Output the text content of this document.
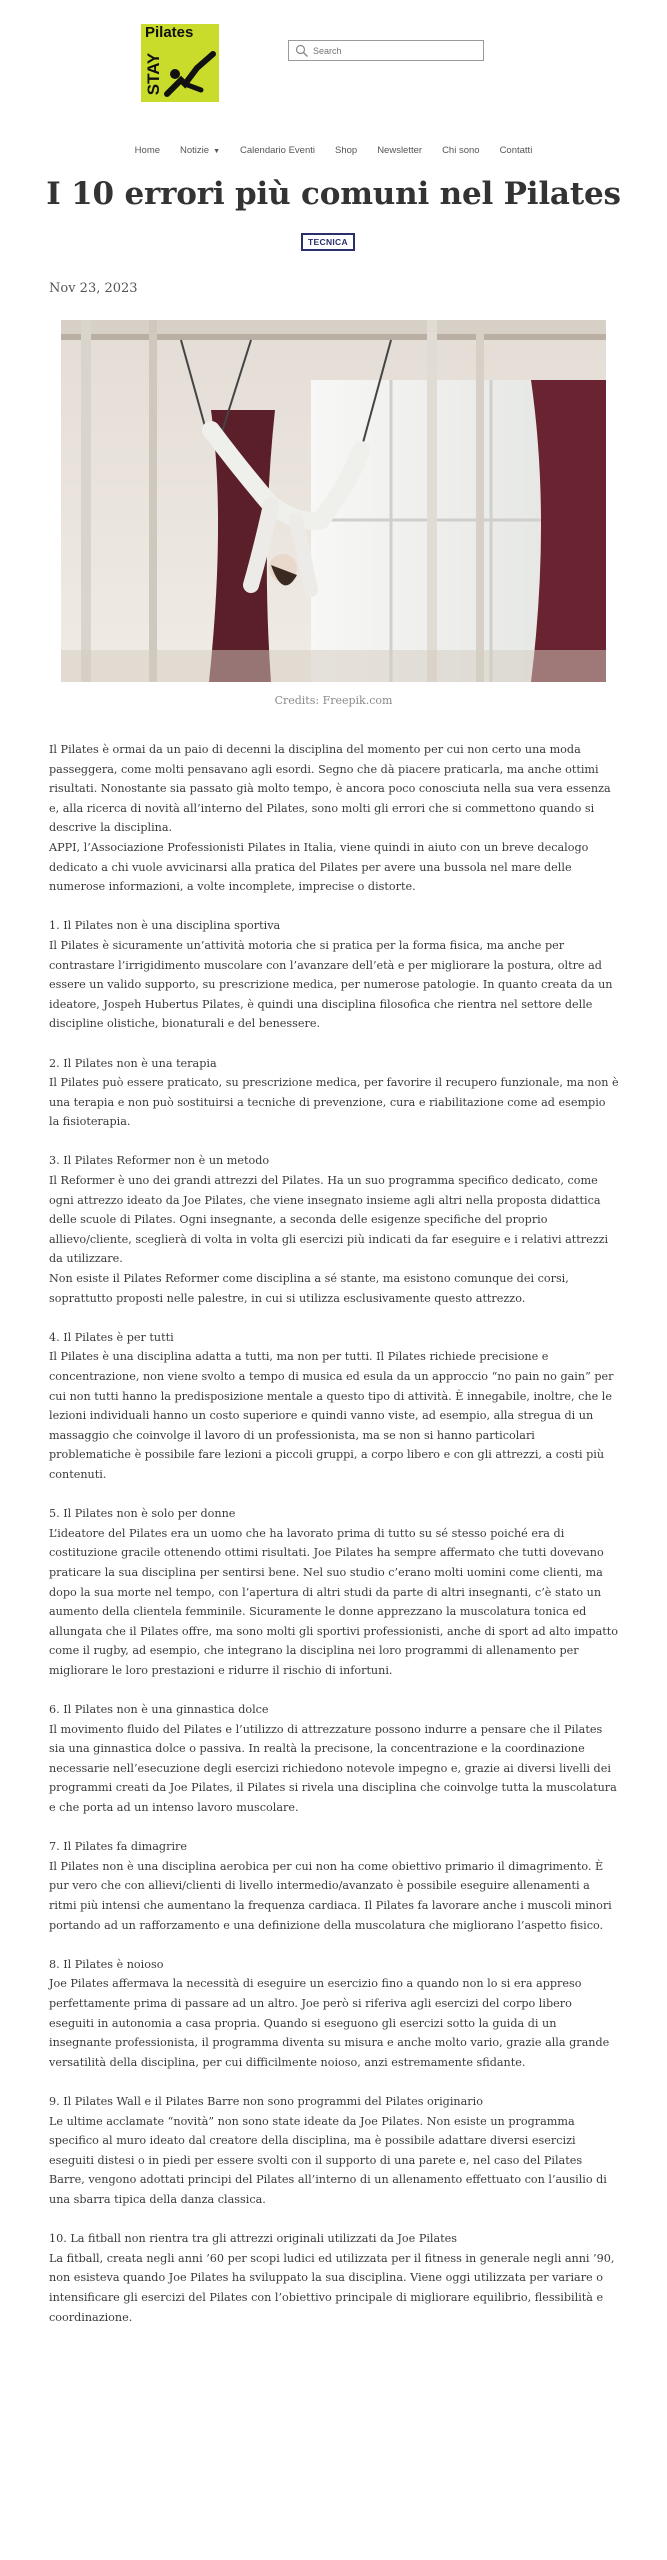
Pilates
STAY
Search
Home	Notizie ▼	Calendario Eventi	Shop	Newsletter	Chi sono	Contatti
I 10 errori più comuni nel Pilates
TECNICA
Nov 23, 2023
Credits: Freepik.com

Il Pilates è ormai da un paio di decenni la disciplina del momento per cui non certo una moda passeggera, come molti pensavano agli esordi. Segno che dà piacere praticarla, ma anche ottimi risultati. Nonostante sia passato già molto tempo, è ancora poco conosciuta nella sua vera essenza e, alla ricerca di novità all’interno del Pilates, sono molti gli errori che si commettono quando si descrive la disciplina.
APPI, l’Associazione Professionisti Pilates in Italia, viene quindi in aiuto con un breve decalogo dedicato a chi vuole avvicinarsi alla pratica del Pilates per avere una bussola nel mare delle numerose informazioni, a volte incomplete, imprecise o distorte.

1. Il Pilates non è una disciplina sportiva
Il Pilates è sicuramente un’attività motoria che si pratica per la forma fisica, ma anche per contrastare l’irrigidimento muscolare con l’avanzare dell’età e per migliorare la postura, oltre ad essere un valido supporto, su prescrizione medica, per numerose patologie. In quanto creata da un ideatore, Jospeh Hubertus Pilates, è quindi una disciplina filosofica che rientra nel settore delle discipline olistiche, bionaturali e del benessere.

2. Il Pilates non è una terapia
Il Pilates può essere praticato, su prescrizione medica, per favorire il recupero funzionale, ma non è una terapia e non può sostituirsi a tecniche di prevenzione, cura e riabilitazione come ad esempio la fisioterapia.

3. Il Pilates Reformer non è un metodo
Il Reformer è uno dei grandi attrezzi del Pilates. Ha un suo programma specifico dedicato, come ogni attrezzo ideato da Joe Pilates, che viene insegnato insieme agli altri nella proposta didattica delle scuole di Pilates. Ogni insegnante, a seconda delle esigenze specifiche del proprio allievo/cliente, sceglierà di volta in volta gli esercizi più indicati da far eseguire e i relativi attrezzi da utilizzare.
Non esiste il Pilates Reformer come disciplina a sé stante, ma esistono comunque dei corsi, soprattutto proposti nelle palestre, in cui si utilizza esclusivamente questo attrezzo.

4. Il Pilates è per tutti
Il Pilates è una disciplina adatta a tutti, ma non per tutti. Il Pilates richiede precisione e concentrazione, non viene svolto a tempo di musica ed esula da un approccio “no pain no gain” per cui non tutti hanno la predisposizione mentale a questo tipo di attività. È innegabile, inoltre, che le lezioni individuali hanno un costo superiore e quindi vanno viste, ad esempio, alla stregua di un massaggio che coinvolge il lavoro di un professionista, ma se non si hanno particolari problematiche è possibile fare lezioni a piccoli gruppi, a corpo libero e con gli attrezzi, a costi più contenuti.

5. Il Pilates non è solo per donne
L’ideatore del Pilates era un uomo che ha lavorato prima di tutto su sé stesso poiché era di costituzione gracile ottenendo ottimi risultati. Joe Pilates ha sempre affermato che tutti dovevano praticare la sua disciplina per sentirsi bene. Nel suo studio c’erano molti uomini come clienti, ma dopo la sua morte nel tempo, con l’apertura di altri studi da parte di altri insegnanti, c’è stato un aumento della clientela femminile. Sicuramente le donne apprezzano la muscolatura tonica ed allungata che il Pilates offre, ma sono molti gli sportivi professionisti, anche di sport ad alto impatto come il rugby, ad esempio, che integrano la disciplina nei loro programmi di allenamento per migliorare le loro prestazioni e ridurre il rischio di infortuni.

6. Il Pilates non è una ginnastica dolce
Il movimento fluido del Pilates e l’utilizzo di attrezzature possono indurre a pensare che il Pilates sia una ginnastica dolce o passiva. In realtà la precisone, la concentrazione e la coordinazione necessarie nell’esecuzione degli esercizi richiedono notevole impegno e, grazie ai diversi livelli dei programmi creati da Joe Pilates, il Pilates si rivela una disciplina che coinvolge tutta la muscolatura e che porta ad un intenso lavoro muscolare.

7. Il Pilates fa dimagrire
Il Pilates non è una disciplina aerobica per cui non ha come obiettivo primario il dimagrimento. È pur vero che con allievi/clienti di livello intermedio/avanzato è possibile eseguire allenamenti a ritmi più intensi che aumentano la frequenza cardiaca. Il Pilates fa lavorare anche i muscoli minori portando ad un rafforzamento e una definizione della muscolatura che migliorano l’aspetto fisico.

8. Il Pilates è noioso
Joe Pilates affermava la necessità di eseguire un esercizio fino a quando non lo si era appreso perfettamente prima di passare ad un altro. Joe però si riferiva agli esercizi del corpo libero eseguiti in autonomia a casa propria. Quando si eseguono gli esercizi sotto la guida di un insegnante professionista, il programma diventa su misura e anche molto vario, grazie alla grande versatilità della disciplina, per cui difficilmente noioso, anzi estremamente sfidante.

9. Il Pilates Wall e il Pilates Barre non sono programmi del Pilates originario
Le ultime acclamate “novità” non sono state ideate da Joe Pilates. Non esiste un programma specifico al muro ideato dal creatore della disciplina, ma è possibile adattare diversi esercizi eseguiti distesi o in piedi per essere svolti con il supporto di una parete e, nel caso del Pilates Barre, vengono adottati principi del Pilates all’interno di un allenamento effettuato con l’ausilio di una sbarra tipica della danza classica.

10. La fitball non rientra tra gli attrezzi originali utilizzati da Joe Pilates
La fitball, creata negli anni ’60 per scopi ludici ed utilizzata per il fitness in generale negli anni ’90, non esisteva quando Joe Pilates ha sviluppato la sua disciplina. Viene oggi utilizzata per variare o intensificare gli esercizi del Pilates con l’obiettivo principale di migliorare equilibrio, flessibilità e coordinazione.
